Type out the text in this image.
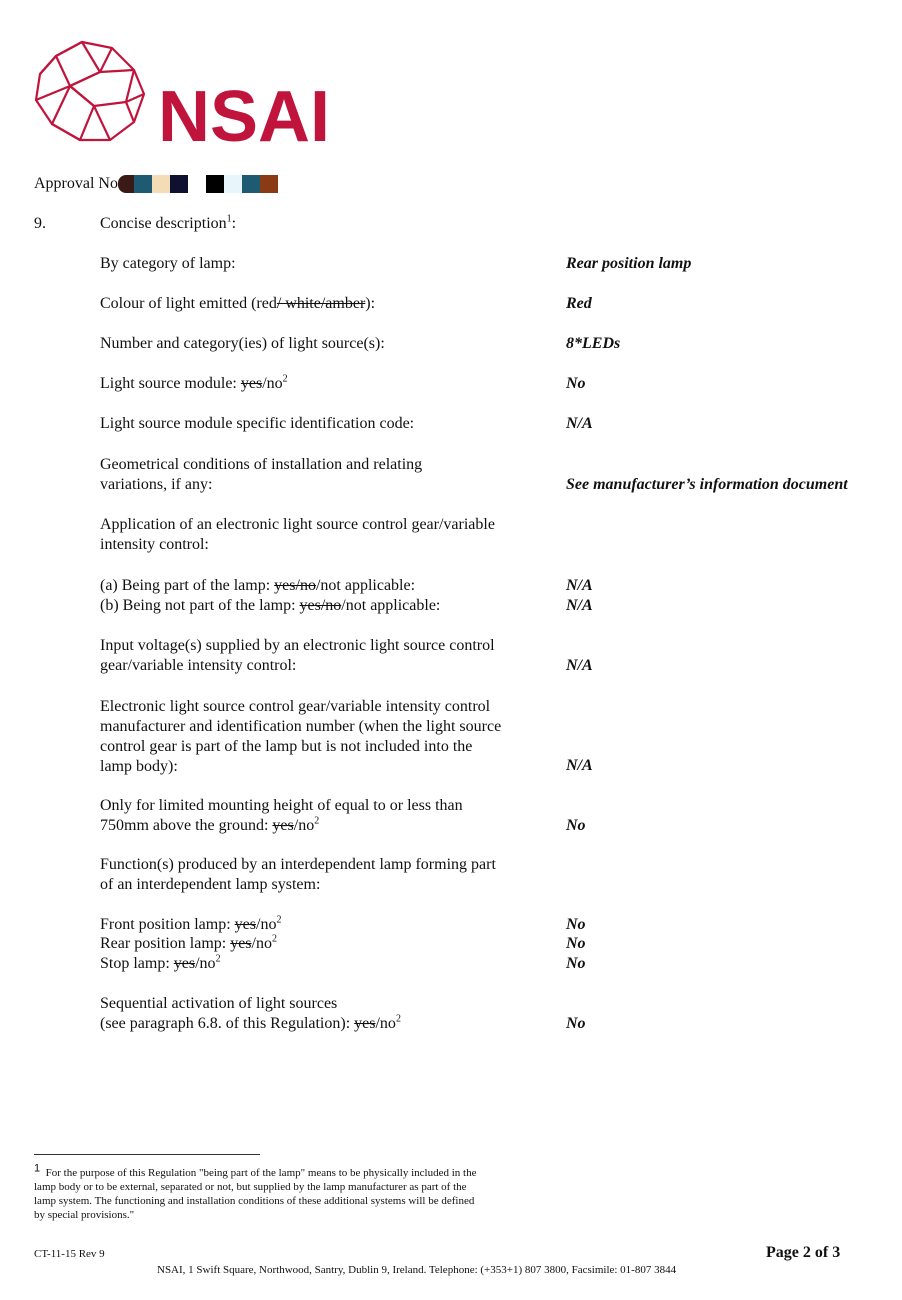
NSAI
Approval No
9.	Concise description$^1$:
By category of lamp:	Rear position lamp
Colour of light emitted (red/ white/amber):	Red
Number and category(ies) of light source(s):	8*LEDs
Light source module: yes/$no^2$	No
Light source module specific identification code:	N/A
Geometrical conditions of installation and relating
variations, if any:	See manufacturer’s information document
Application of an electronic light source control gear/variable
intensity control:
(a) Being part of the lamp: yes/no/not applicable:	N/A
(b) Being not part of the lamp: yes/no/not applicable:	N/A
Input voltage(s) supplied by an electronic light source control
gear/variable intensity control:	N/A
Electronic light source control gear/variable intensity control
manufacturer and identification number (when the light source
control gear is part of the lamp but is not included into the
lamp body):	N/A
Only for limited mounting height of equal to or less than
750mm above the ground: yes/$no^2$	No
Function(s) produced by an interdependent lamp forming part
of an interdependent lamp system:
Front position lamp: yes/$no^2$	No
Rear position lamp: yes/$no^2$	No
Stop lamp: yes/$no^2$	No
Sequential activation of light sources
(see paragraph 6.8. of this Regulation): yes/$no^2$	No
$^1$ For the purpose of this Regulation "being part of the lamp" means to be physically included in the
lamp body or to be external, separated or not, but supplied by the lamp manufacturer as part of the
lamp system. The functioning and installation conditions of these additional systems will be defined
by special provisions."
CT-11-15 Rev 9	Page 2 of 3
NSAI, 1 Swift Square, Northwood, Santry, Dublin 9, Ireland. Telephone: (+353+1) 807 3800, Facsimile: 01-807 3844
